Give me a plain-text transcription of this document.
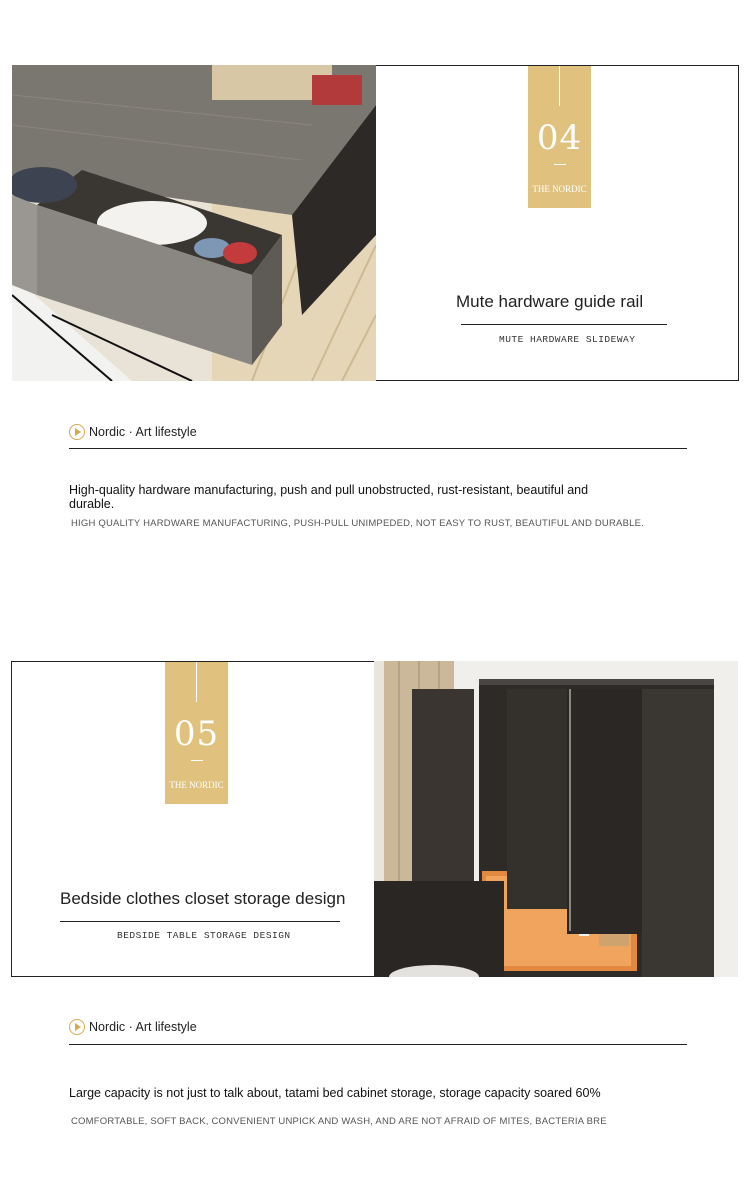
04
THE NORDIC
Mute hardware guide rail
MUTE HARDWARE SLIDEWAY
Nordic · Art lifestyle
High-quality hardware manufacturing, push and pull unobstructed, rust-resistant, beautiful and durable.
HIGH QUALITY HARDWARE MANUFACTURING, PUSH-PULL UNIMPEDED, NOT EASY TO RUST, BEAUTIFUL AND DURABLE.
05
THE NORDIC
Bedside clothes closet storage design
BEDSIDE TABLE STORAGE DESIGN
Nordic · Art lifestyle
Large capacity is not just to talk about, tatami bed cabinet storage, storage capacity soared 60%
COMFORTABLE, SOFT BACK, CONVENIENT UNPICK AND WASH, AND ARE NOT AFRAID OF MITES, BACTERIA BRE
